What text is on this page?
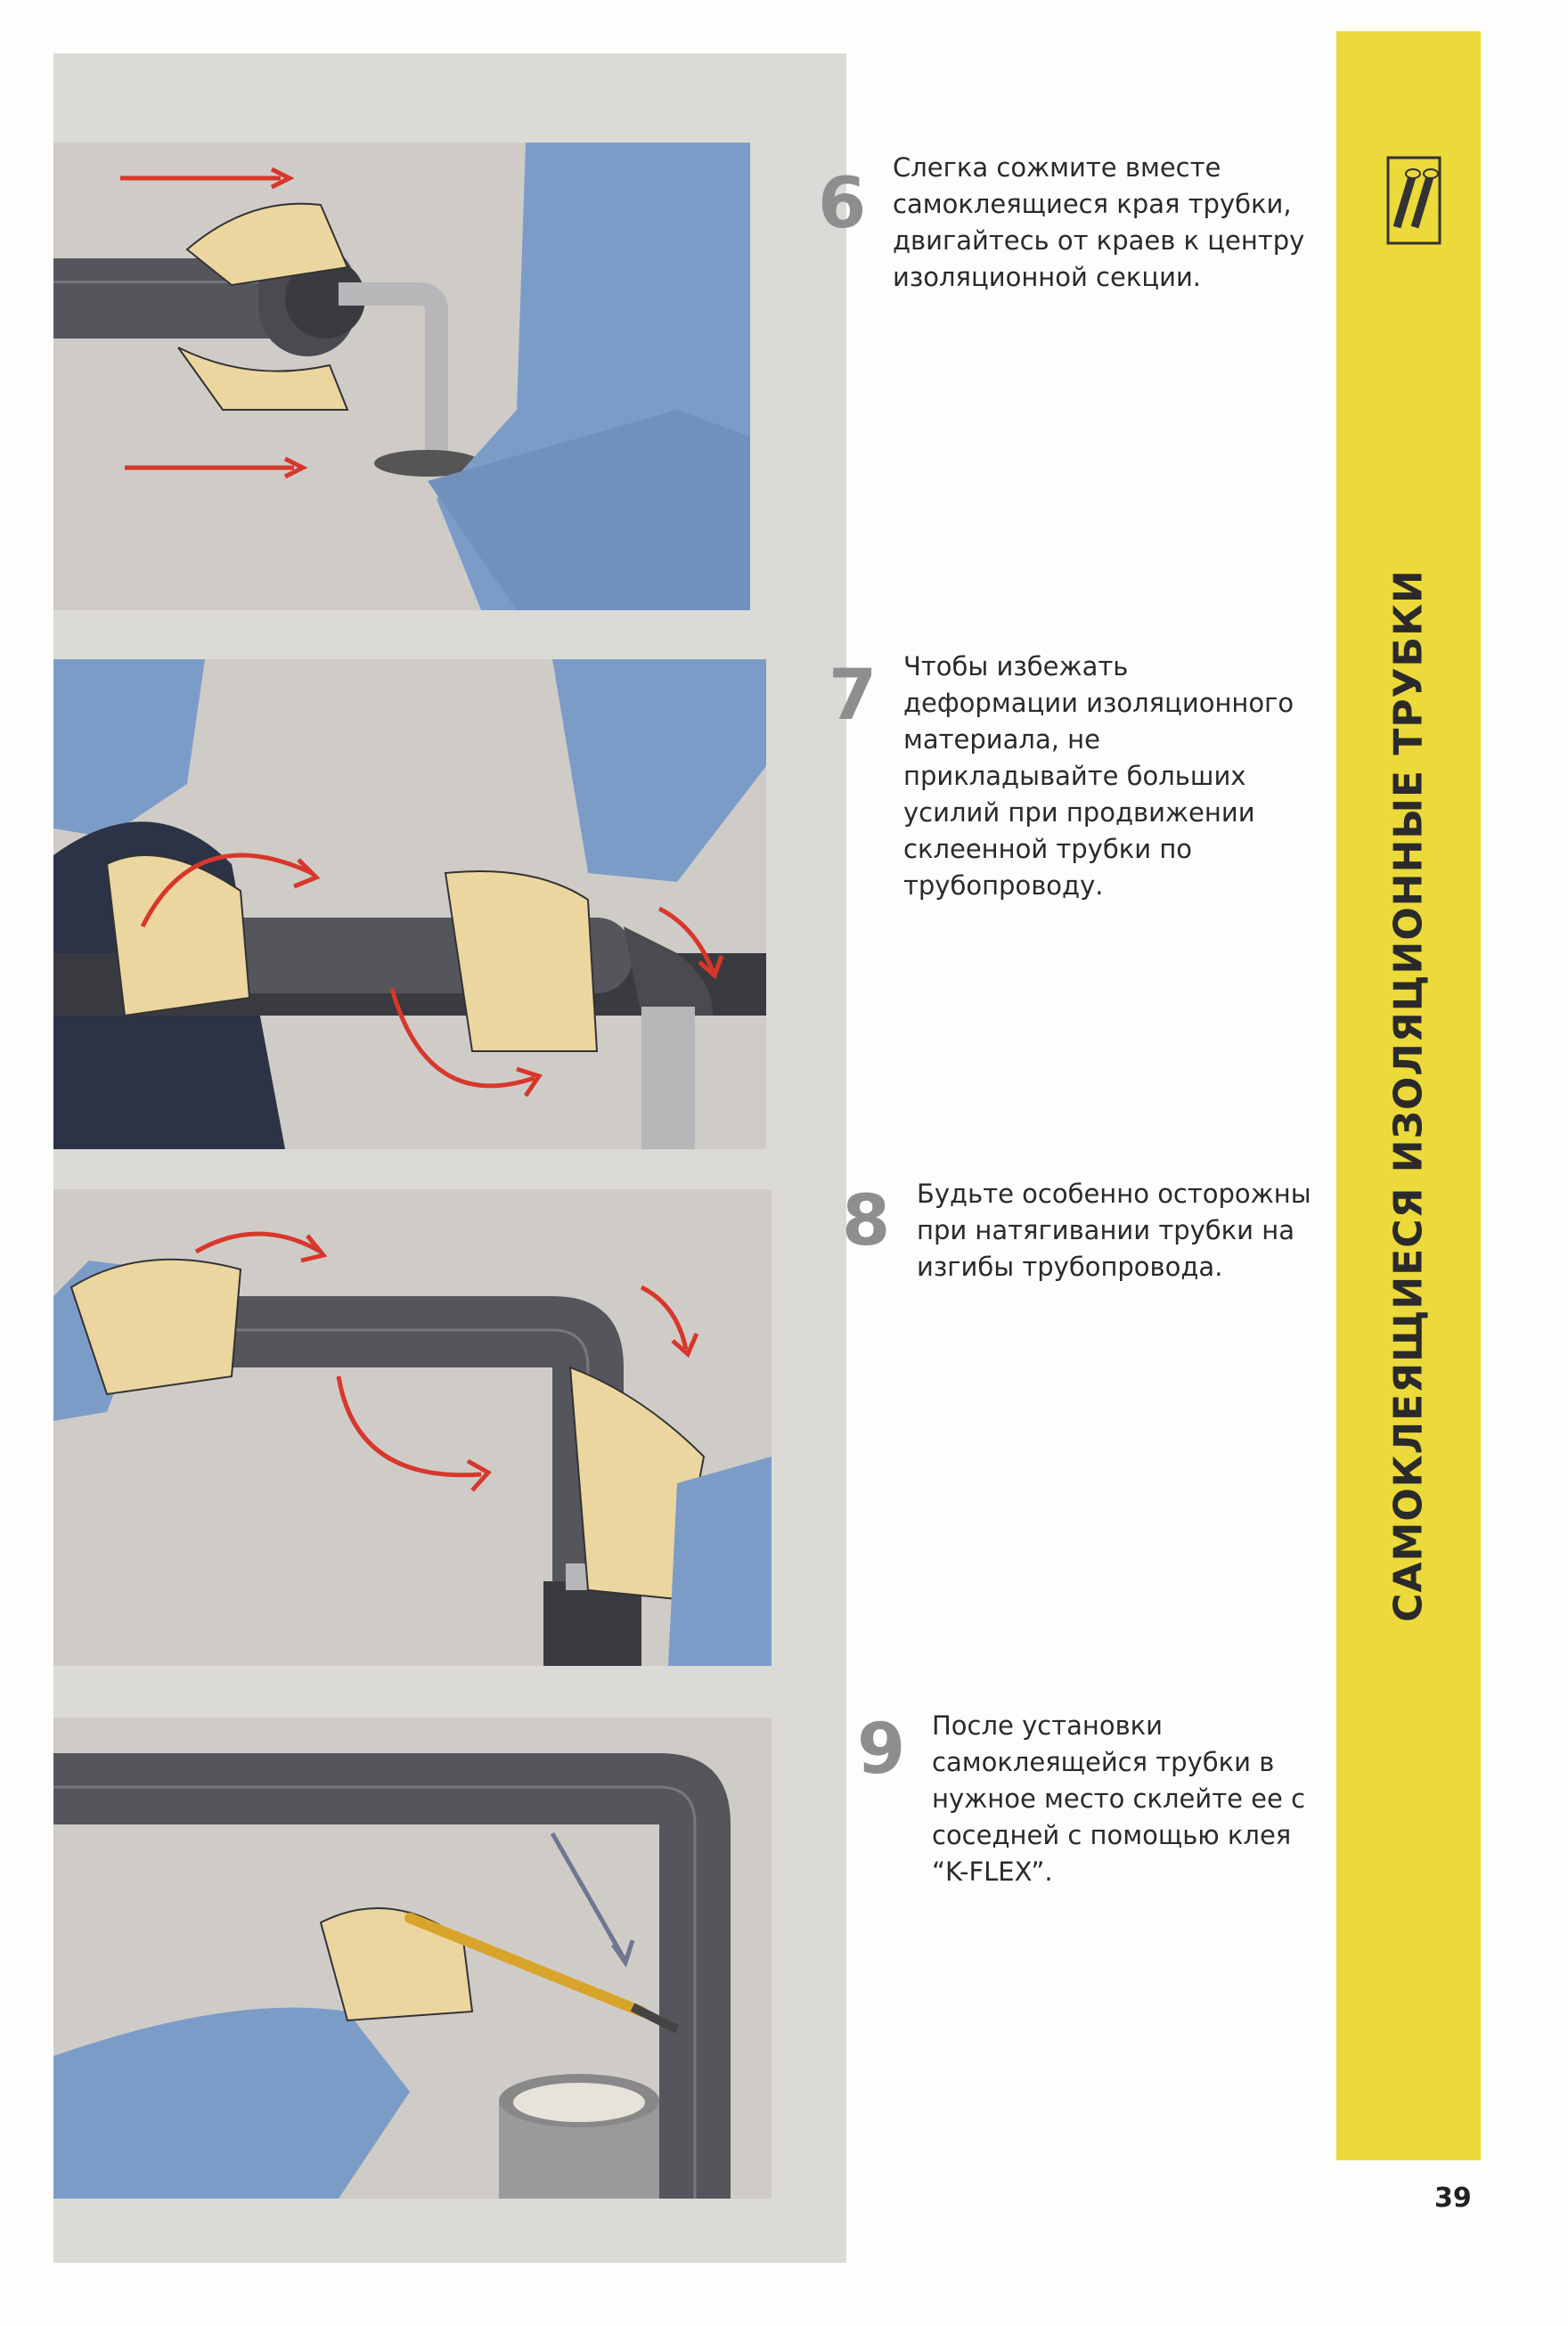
6	Слегка сожмите вместе
самоклеящиеся края трубки,
двигайтесь от краев к центру
изоляционной секции.
7	Чтобы избежать
деформации изоляционного
материала, не
прикладывайте больших
усилий при продвижении
склеенной трубки по
трубопроводу.
8	Будьте особенно осторожны
при натягивании трубки на
изгибы трубопровода.
9	После установки
самоклеящейся трубки в
нужное место склейте ее с
соседней с помощью клея
“K-FLEX”.
САМОКЛЕЯЩИЕСЯ ИЗОЛЯЦИОННЫЕ ТРУБКИ
39
